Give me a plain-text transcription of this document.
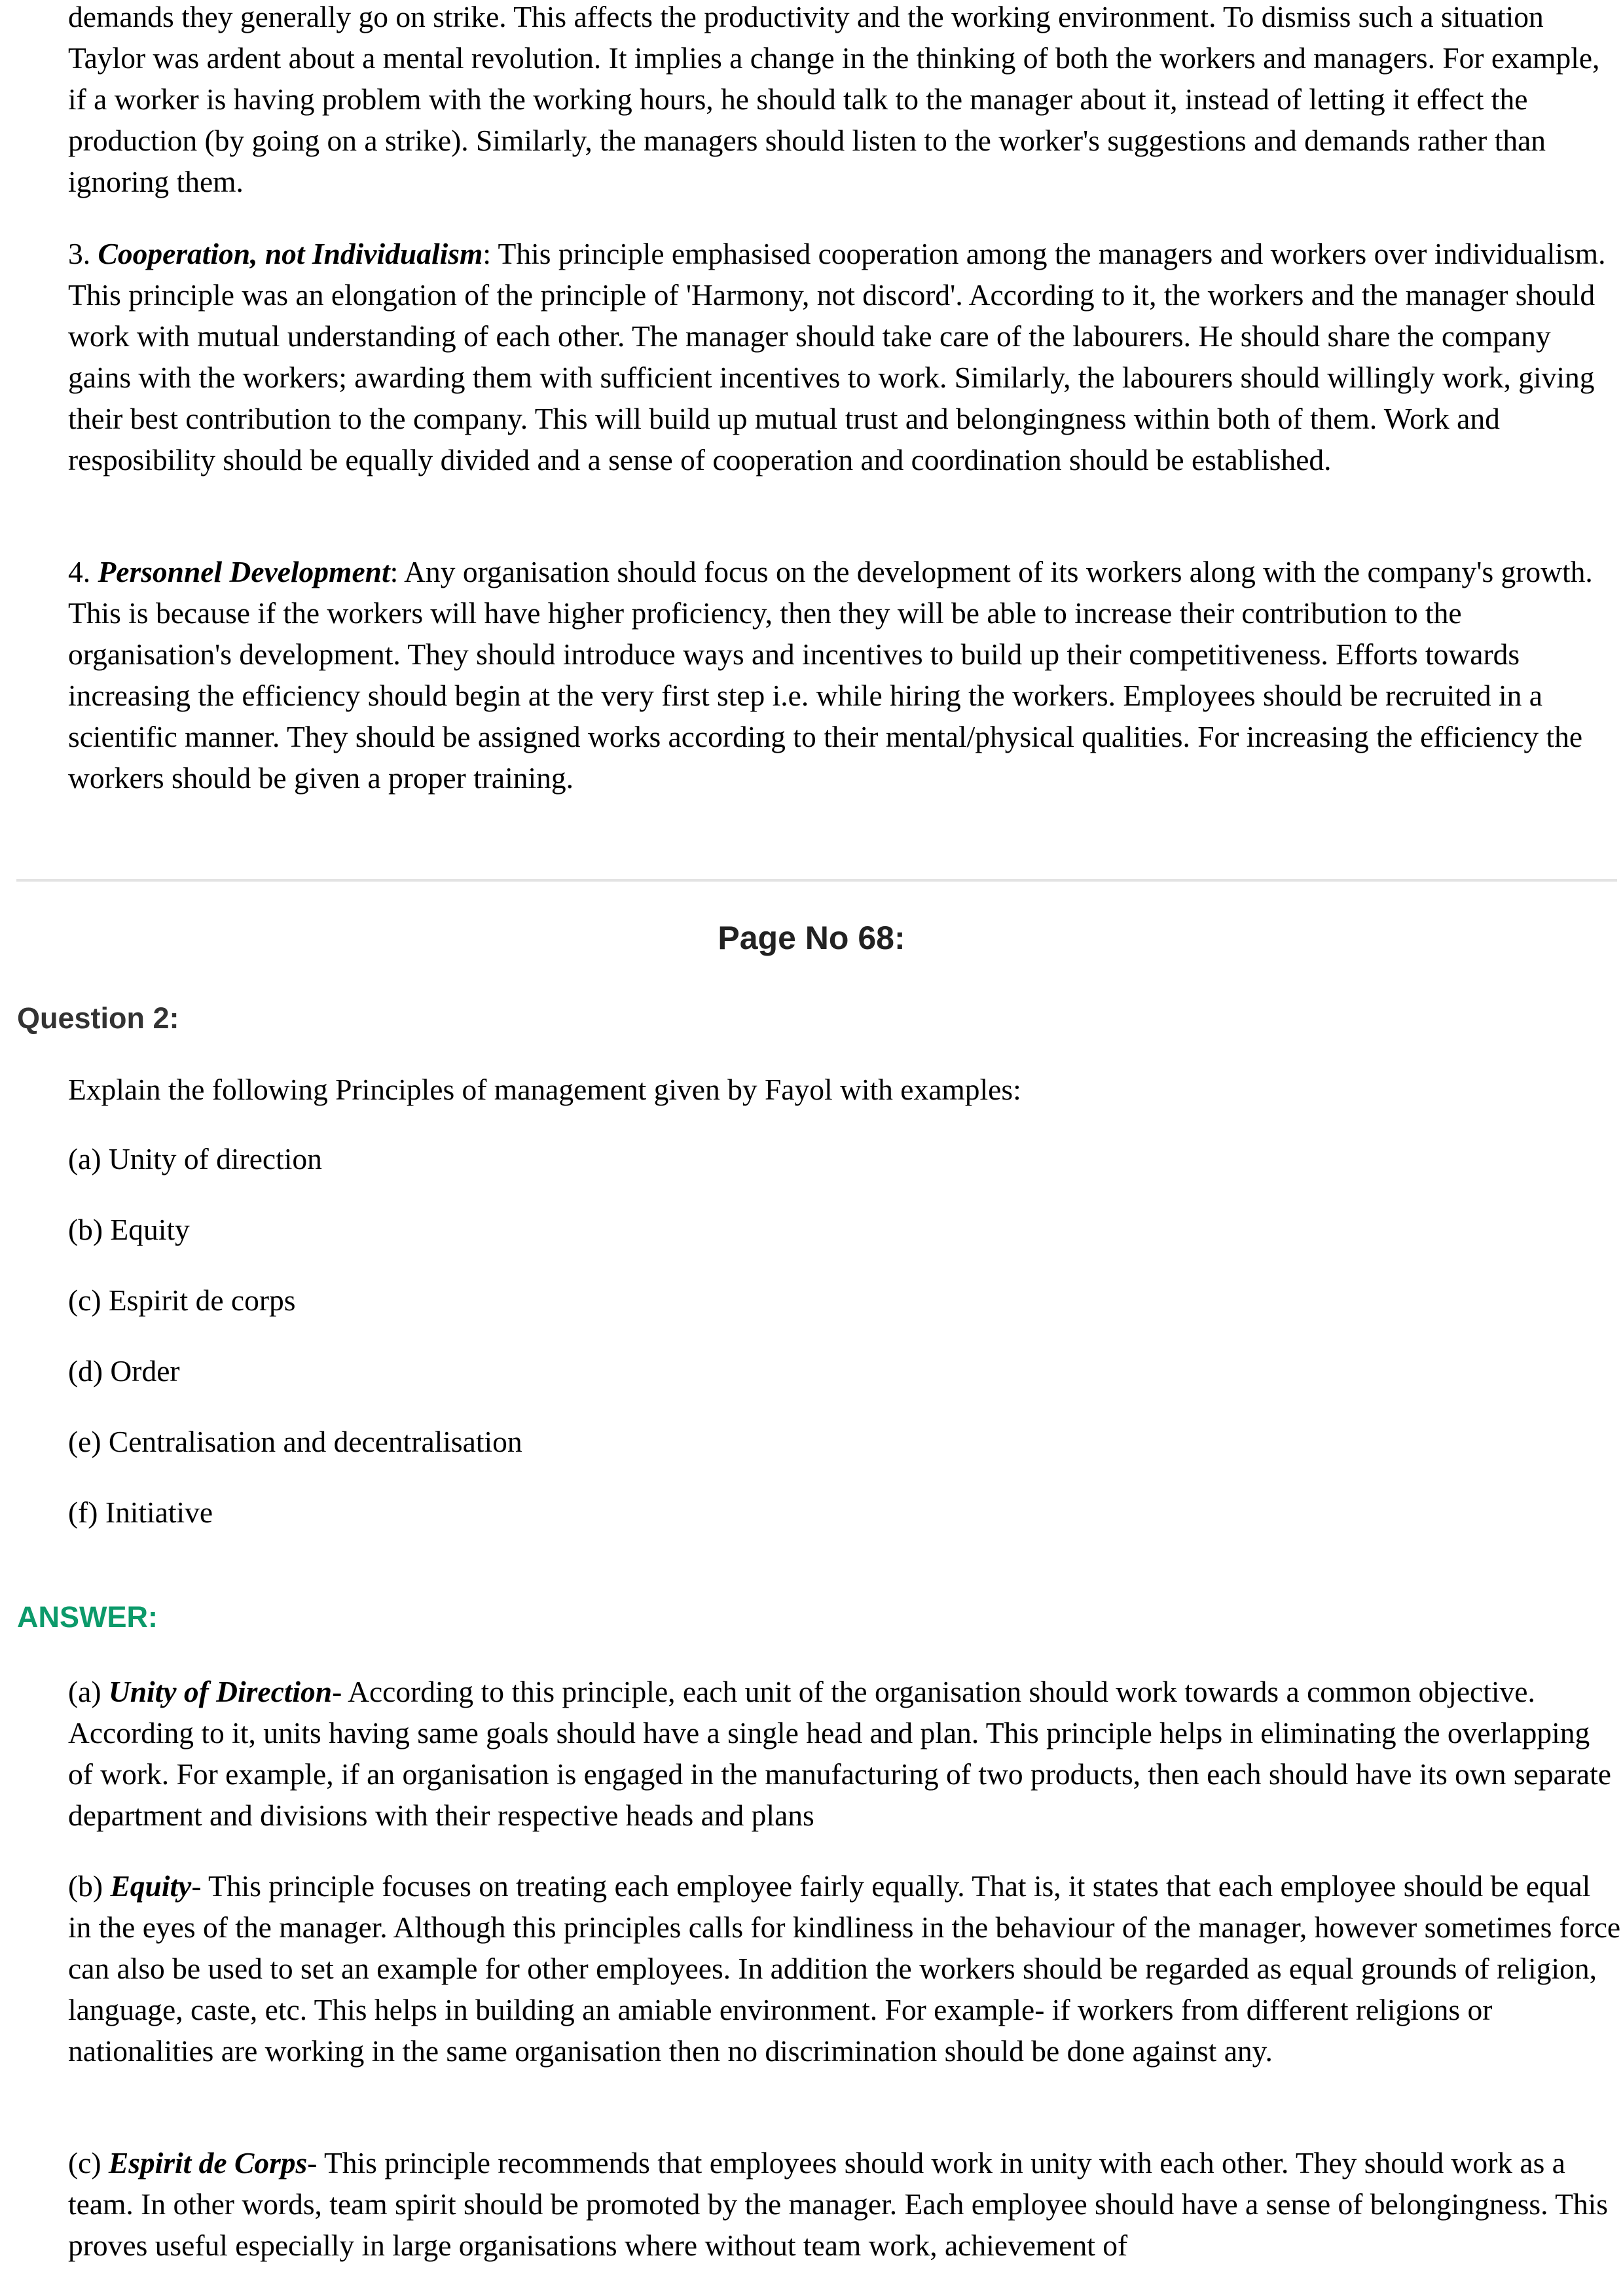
demands they generally go on strike. This affects the productivity and the working environment. To dismiss such a situation Taylor was ardent about a mental revolution. It implies a change in the thinking of both the workers and managers. For example, if a worker is having problem with the working hours, he should talk to the manager about it, instead of letting it effect the production (by going on a strike). Similarly, the managers should listen to the worker's suggestions and demands rather than ignoring them.

3. Cooperation, not Individualism: This principle emphasised cooperation among the managers and workers over individualism. This principle was an elongation of the principle of 'Harmony, not discord'. According to it, the workers and the manager should work with mutual understanding of each other. The manager should take care of the labourers. He should share the company gains with the workers; awarding them with sufficient incentives to work. Similarly, the labourers should willingly work, giving their best contribution to the company. This will build up mutual trust and belongingness within both of them. Work and resposibility should be equally divided and a sense of cooperation and coordination should be established.

4. Personnel Development: Any organisation should focus on the development of its workers along with the company's growth. This is because if the workers will have higher proficiency, then they will be able to increase their contribution to the organisation's development. They should introduce ways and incentives to build up their competitiveness. Efforts towards increasing the efficiency should begin at the very first step i.e. while hiring the workers. Employees should be recruited in a scientific manner. They should be assigned works according to their mental/physical qualities. For increasing the efficiency the workers should be given a proper training.

Page No 68:
Question 2:

Explain the following Principles of management given by Fayol with examples:

(a) Unity of direction

(b) Equity

(c) Espirit de corps

(d) Order

(e) Centralisation and decentralisation

(f) Initiative

ANSWER:

(a) Unity of Direction- According to this principle, each unit of the organisation should work towards a common objective. According to it, units having same goals should have a single head and plan. This principle helps in eliminating the overlapping of work. For example, if an organisation is engaged in the manufacturing of two products, then each should have its own separate department and divisions with their respective heads and plans

(b) Equity- This principle focuses on treating each employee fairly equally. That is, it states that each employee should be equal in the eyes of the manager. Although this principles calls for kindliness in the behaviour of the manager, however sometimes force can also be used to set an example for other employees. In addition the workers should be regarded as equal grounds of religion, language, caste, etc. This helps in building an amiable environment. For example- if workers from different religions or nationalities are working in the same organisation then no discrimination should be done against any.

(c) Espirit de Corps- This principle recommends that employees should work in unity with each other. They should work as a team. In other words, team spirit should be promoted by the manager. Each employee should have a sense of belongingness. This proves useful especially in large organisations where without team work, achievement of
